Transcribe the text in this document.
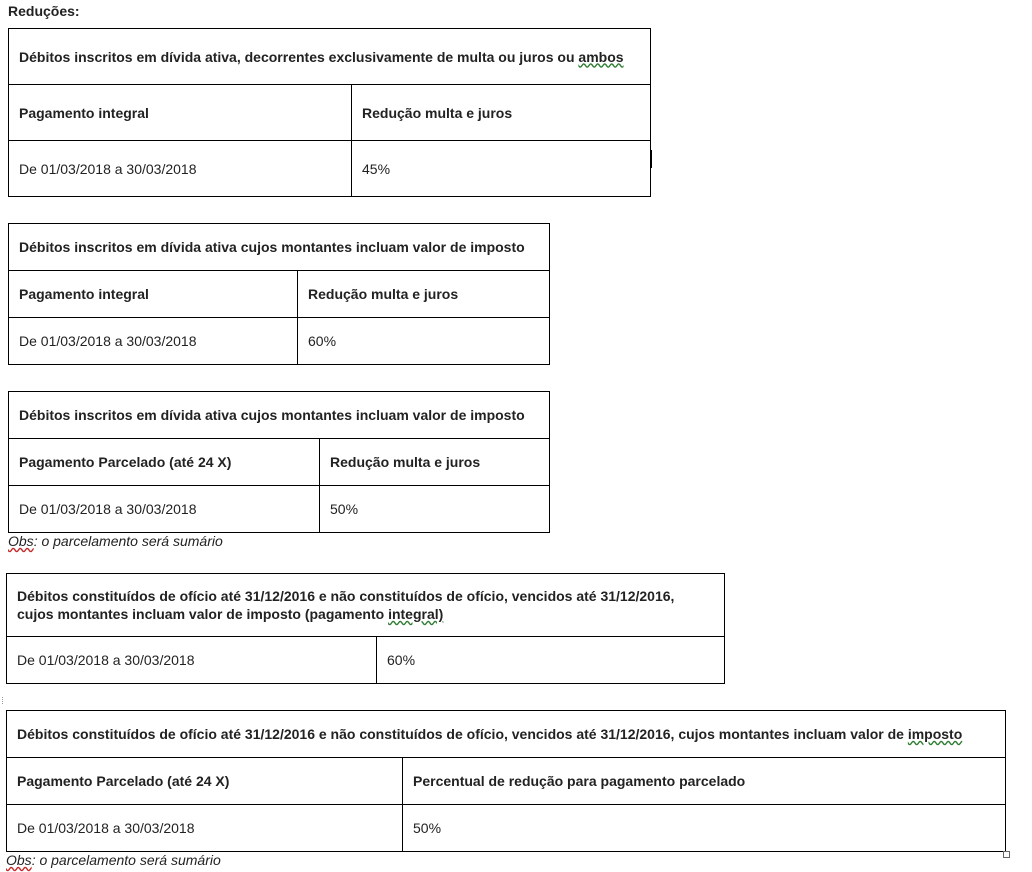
Reduções:
Débitos inscritos em dívida ativa, decorrentes exclusivamente de multa ou juros ou ambos	
Pagamento integral	Redução multa e juros
De 01/03/2018 a 30/03/2018	45%
Débitos inscritos em dívida ativa cujos montantes incluam valor de imposto	
Pagamento integral	Redução multa e juros
De 01/03/2018 a 30/03/2018	60%
Débitos inscritos em dívida ativa cujos montantes incluam valor de imposto	
Pagamento Parcelado (até 24 X)	Redução multa e juros
De 01/03/2018 a 30/03/2018	50%
Obs: o parcelamento será sumário
Débitos constituídos de ofício até 31/12/2016 e não constituídos de ofício, vencidos até 31/12/2016,
cujos montantes incluam valor de imposto (pagamento integral)
De 01/03/2018 a 30/03/2018	60%
Débitos constituídos de ofício até 31/12/2016 e não constituídos de ofício, vencidos até 31/12/2016, cujos montantes incluam valor de imposto	
Pagamento Parcelado (até 24 X)	Percentual de redução para pagamento parcelado
De 01/03/2018 a 30/03/2018	50%
Obs: o parcelamento será sumário
